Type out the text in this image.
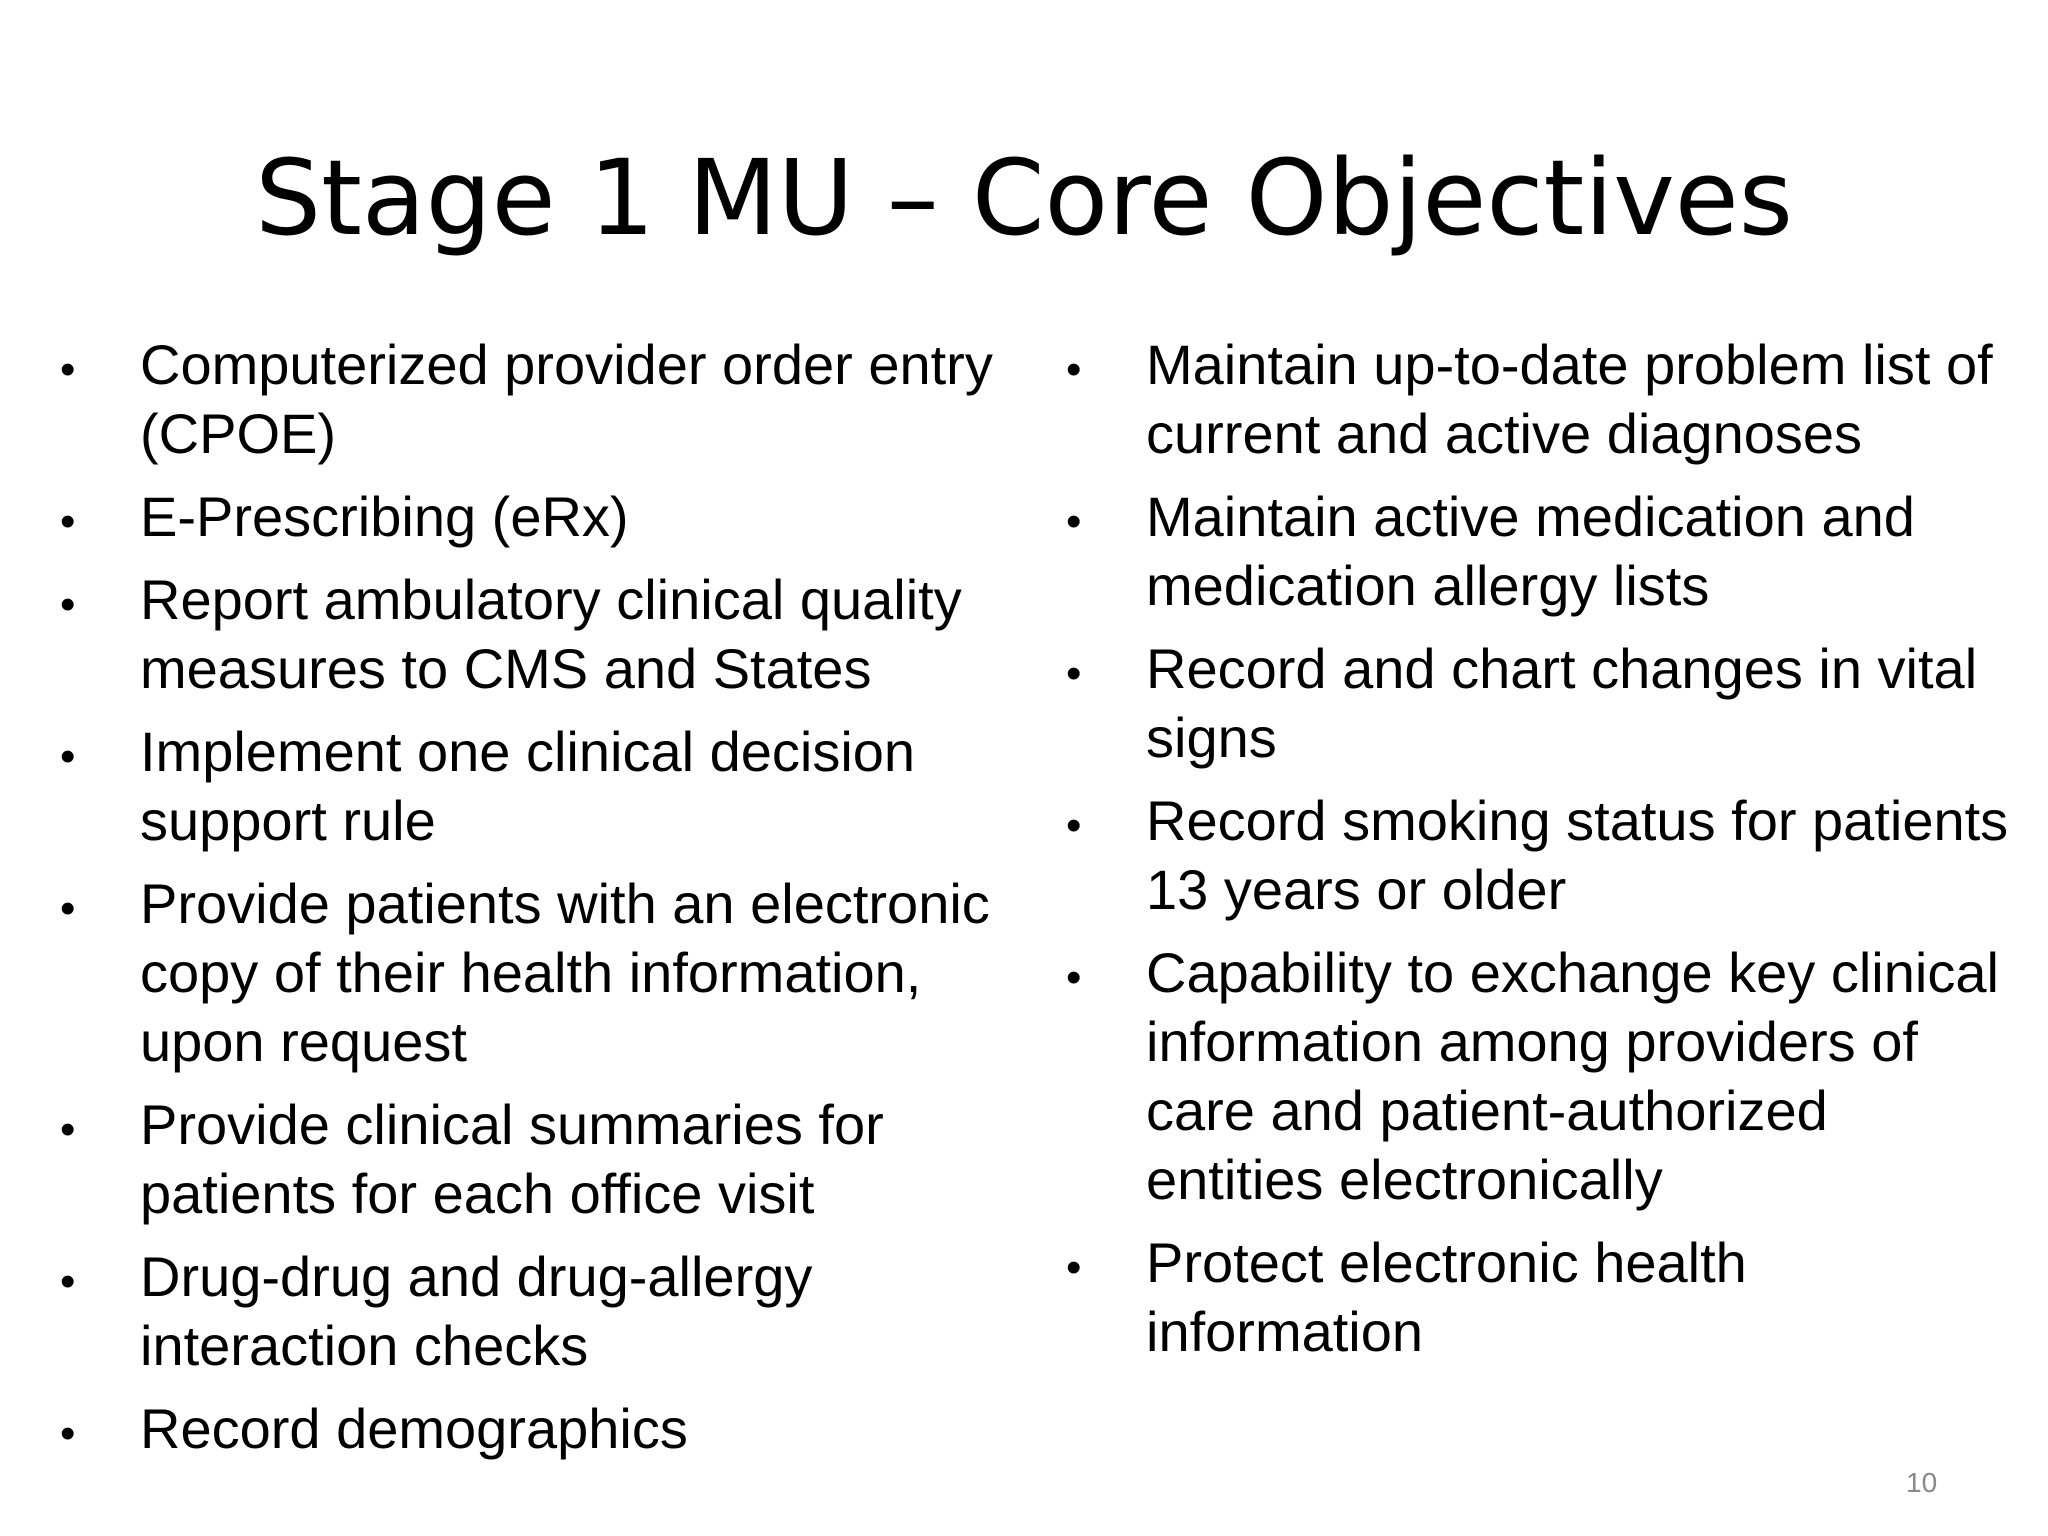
Stage 1 MU – Core Objectives
•
Computerized provider order entry (CPOE)
•
E-Prescribing (eRx)
•
Report ambulatory clinical quality measures to CMS and States
•
Implement one clinical decision support rule
•
Provide patients with an electronic copy of their health information, upon request
•
Provide clinical summaries for patients for each office visit
•
Drug-drug and drug-allergy interaction checks
•
Record demographics
•
Maintain up-to-date problem list of current and active diagnoses
•
Maintain active medication and medication allergy lists
•
Record and chart changes in vital signs
•
Record smoking status for patients 13 years or older
•
Capability to exchange key clinical information among providers of care and patient-authorized entities electronically
•
Protect electronic health information
10
